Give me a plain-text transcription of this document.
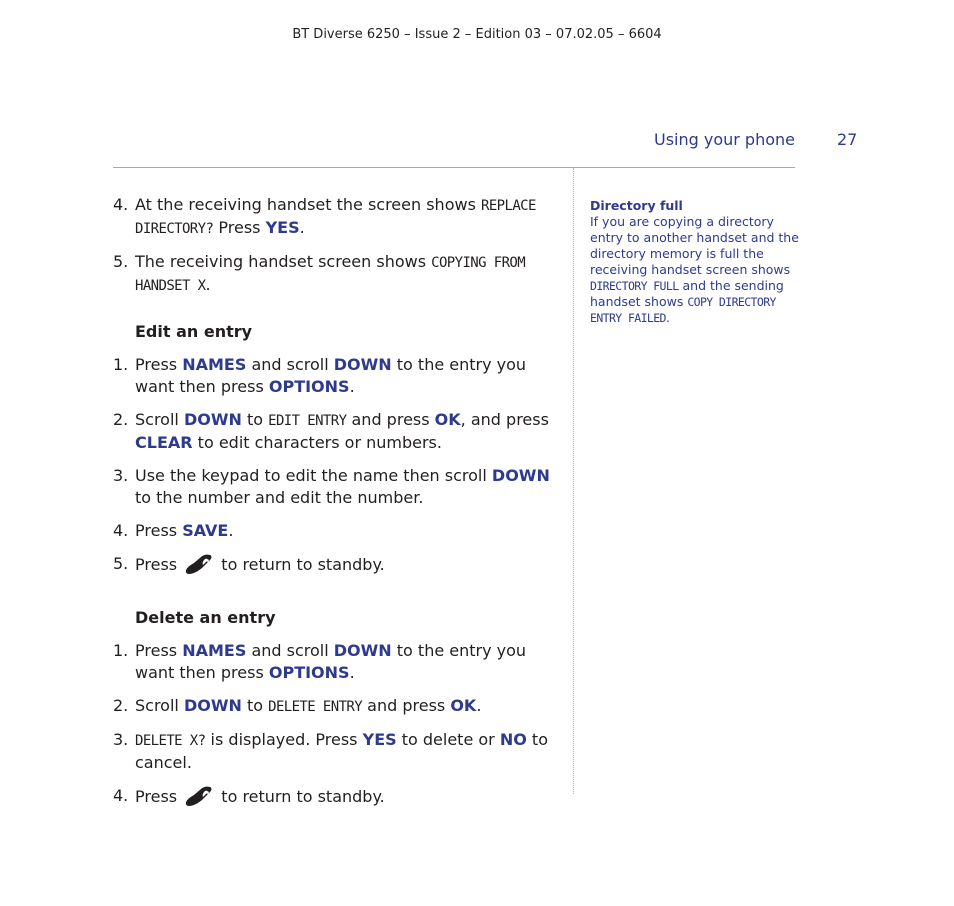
BT Diverse 6250 – Issue 2 – Edition 03 – 07.02.05 – 6604
Using your phone	27
4. At the receiving handset the screen shows REPLACE DIRECTORY? Press YES.
5. The receiving handset screen shows COPYING FROM HANDSET X.
Edit an entry
1. Press NAMES and scroll DOWN to the entry you want then press OPTIONS.
2. Scroll DOWN to EDIT ENTRY and press OK, and press CLEAR to edit characters or numbers.
3. Use the keypad to edit the name then scroll DOWN to the number and edit the number.
4. Press SAVE.
5. Press  to return to standby.
Delete an entry
1. Press NAMES and scroll DOWN to the entry you want then press OPTIONS.
2. Scroll DOWN to DELETE ENTRY and press OK.
3. DELETE X? is displayed. Press YES to delete or NO to cancel.
4. Press  to return to standby.
Directory full
If you are copying a directory entry to another handset and the directory memory is full the receiving handset screen shows DIRECTORY FULL and the sending handset shows COPY DIRECTORY ENTRY FAILED.
